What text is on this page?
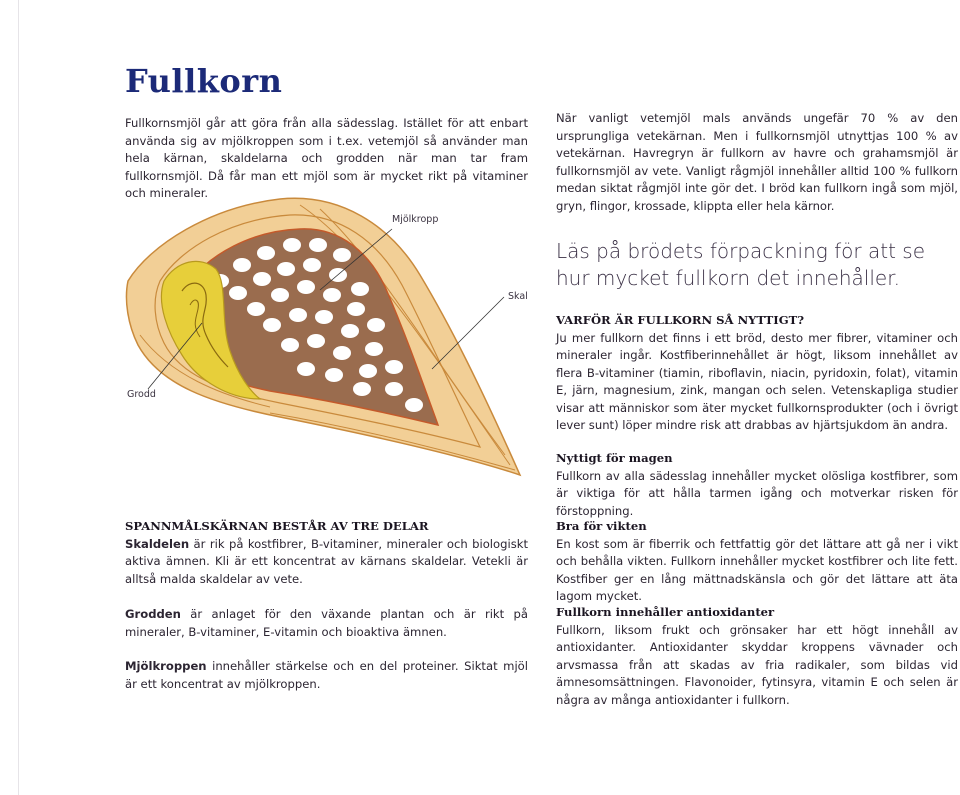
Fullkorn
Fullkornsmjöl går att göra från alla sädesslag. Istället för att enbart använda sig av mjölkroppen som i t.ex. vetemjöl så använder man hela kärnan, skaldelarna och grodden när man tar fram fullkornsmjöl. Då får man ett mjöl som är mycket rikt på vitaminer och mineraler.
Mjölkropp
Skal
Grodd
När vanligt vetemjöl mals används ungefär 70 % av den ursprungliga vetekärnan. Men i fullkornsmjöl utnyttjas 100 % av vetekärnan. Havregryn är fullkorn av havre och grahamsmjöl är fullkornsmjöl av vete. Vanligt rågmjöl innehåller alltid 100 % fullkorn medan siktat rågmjöl inte gör det. I bröd kan fullkorn ingå som mjöl, gryn, flingor, krossade, klippta eller hela kärnor.
Läs på brödets förpackning för att se hur mycket fullkorn det innehåller.

VARFÖR ÄR FULLKORN SÅ NYTTIGT?

Ju mer fullkorn det finns i ett bröd, desto mer fibrer, vitaminer och mineraler ingår. Kostfiberinnehållet är högt, liksom innehållet av flera B-vitaminer (tiamin, riboflavin, niacin, pyridoxin, folat), vitamin E, järn, magnesium, zink, mangan och selen. Vetenskapliga studier visar att människor som äter mycket fullkornsprodukter (och i övrigt lever sunt) löper mindre risk att drabbas av hjärtsjukdom än andra.

Nyttigt för magen

Fullkorn av alla sädesslag innehåller mycket olösliga kostfibrer, som är viktiga för att hålla tarmen igång och motverkar risken för förstoppning.

Bra för vikten

En kost som är fiberrik och fettfattig gör det lättare att gå ner i vikt och behålla vikten. Fullkorn innehåller mycket kostfibrer och lite fett. Kostfiber ger en lång mättnadskänsla och gör det lättare att äta lagom mycket.

Fullkorn innehåller antioxidanter

Fullkorn, liksom frukt och grönsaker har ett högt innehåll av antioxidanter. Antioxidanter skyddar kroppens vävnader och arvsmassa från att skadas av fria radikaler, som bildas vid ämnesomsättningen. Flavonoider, fytinsyra, vitamin E och selen är några av många antioxidanter i fullkorn.

SPANNMÅLSKÄRNAN BESTÅR AV TRE DELAR

Skaldelen är rik på kostfibrer, B-vitaminer, mineraler och biologiskt aktiva ämnen. Kli är ett koncentrat av kärnans skaldelar. Vetekli är alltså malda skaldelar av vete.

Grodden är anlaget för den växande plantan och är rikt på mineraler, B-vitaminer, E-vitamin och bioaktiva ämnen.

Mjölkroppen innehåller stärkelse och en del proteiner. Siktat mjöl är ett koncentrat av mjölkroppen.
